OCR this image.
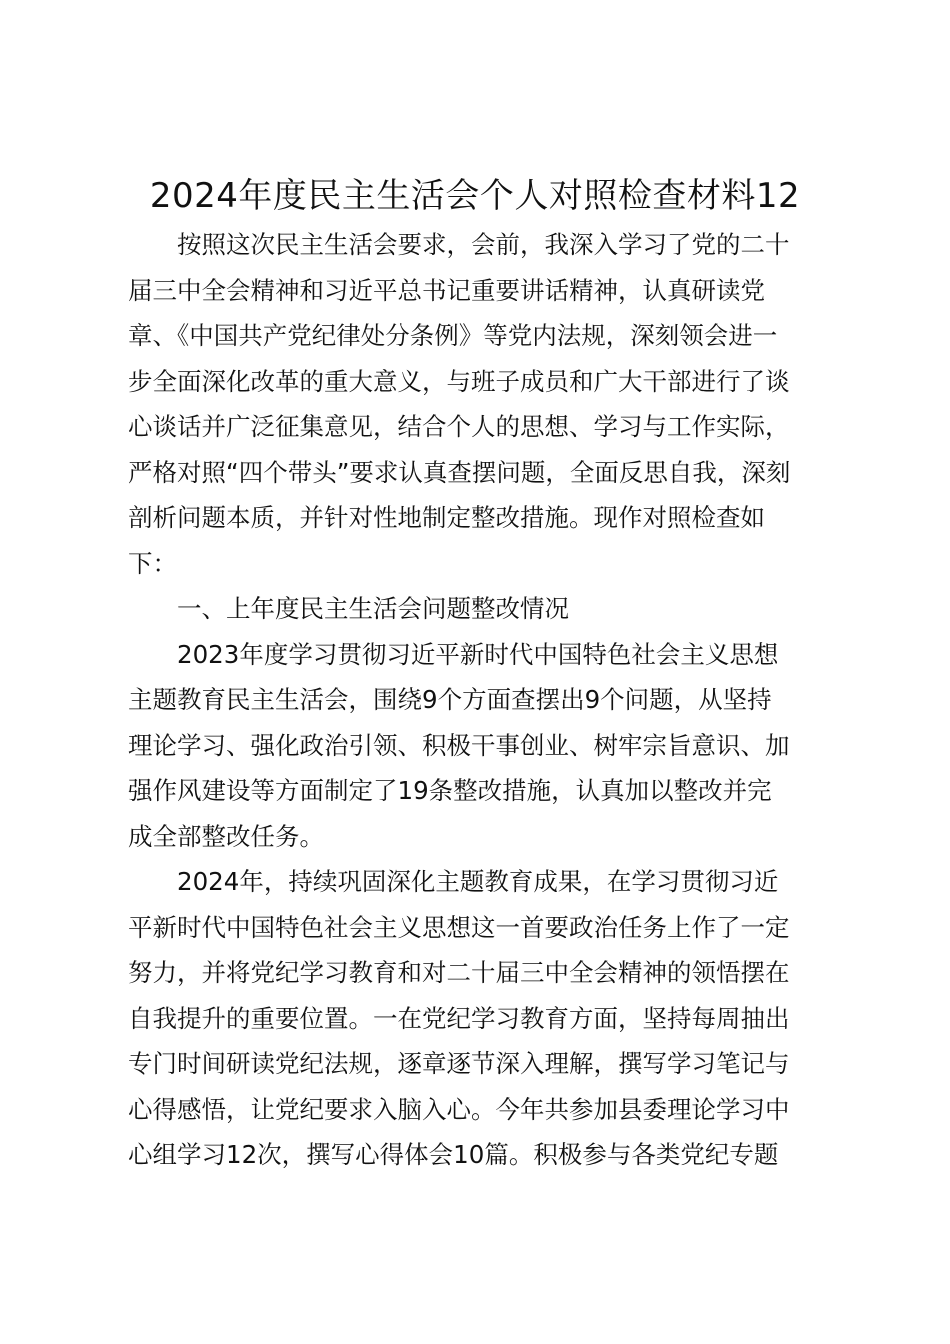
2024年度民主生活会个人对照检查材料12
按照这次民主生活会要求，会前，我深入学习了党的二十
届三中全会精神和习近平总书记重要讲话精神，认真研读党
章、《中国共产党纪律处分条例》等党内法规，深刻领会进一
步全面深化改革的重大意义，与班子成员和广大干部进行了谈
心谈话并广泛征集意见，结合个人的思想、学习与工作实际，
严格对照“四个带头”要求认真查摆问题，全面反思自我，深刻
剖析问题本质，并针对性地制定整改措施。现作对照检查如
下：
一、上年度民主生活会问题整改情况
2023年度学习贯彻习近平新时代中国特色社会主义思想
主题教育民主生活会，围绕9个方面查摆出9个问题，从坚持
理论学习、强化政治引领、积极干事创业、树牢宗旨意识、加
强作风建设等方面制定了19条整改措施，认真加以整改并完
成全部整改任务。
2024年，持续巩固深化主题教育成果，在学习贯彻习近
平新时代中国特色社会主义思想这一首要政治任务上作了一定
努力，并将党纪学习教育和对二十届三中全会精神的领悟摆在
自我提升的重要位置。一在党纪学习教育方面，坚持每周抽出
专门时间研读党纪法规，逐章逐节深入理解，撰写学习笔记与
心得感悟，让党纪要求入脑入心。今年共参加县委理论学习中
心组学习12次，撰写心得体会10篇。积极参与各类党纪专题
